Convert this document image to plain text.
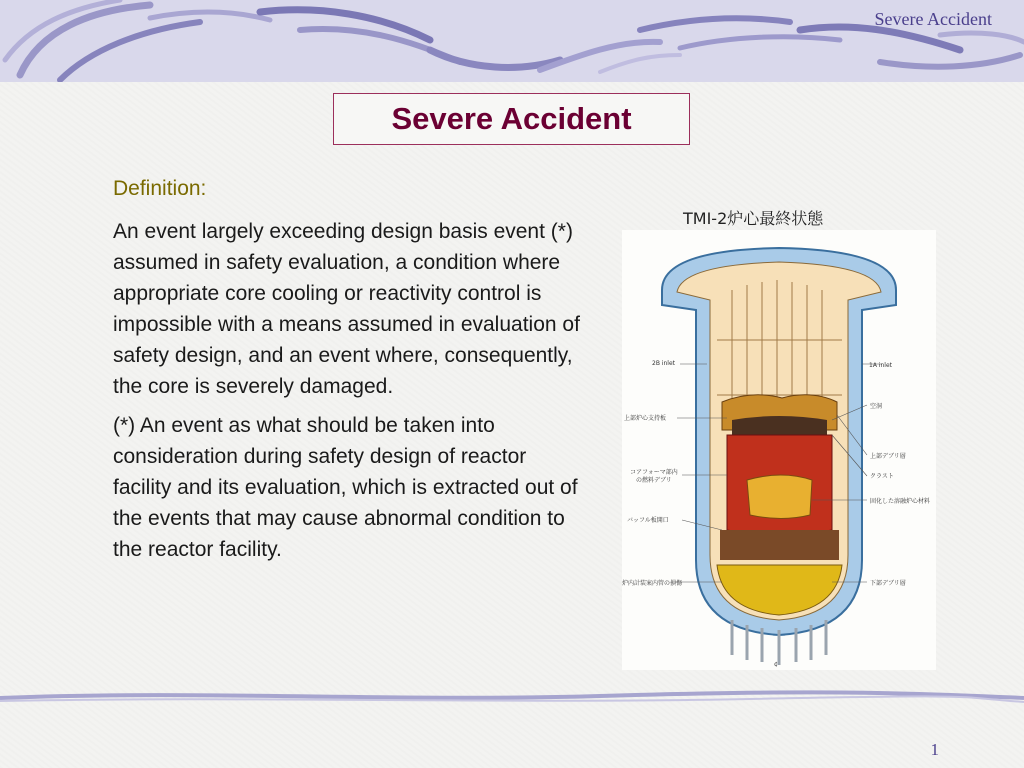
Severe Accident
Severe Accident

Definition:

An event largely exceeding design basis event (*) assumed in safety evaluation, a condition where appropriate core cooling or reactivity control is impossible with a means assumed in evaluation of safety design, and an event where, consequently, the core is severely damaged.

(*) An event as what should be taken into consideration during safety design of reactor facility and its evaluation, which is extracted out of the events that may cause abnormal condition to the reactor facility.

TMI-2炉心最終状態
2B inlet	1A inlet
上部炉心支持板
空洞
上部デブリ層
クラスト
コアフォーマ部内
の燃料デブリ
固化した溶融炉心材料
バッフル板開口
炉内計装案内管の損傷	下部デブリ層
¢
1
